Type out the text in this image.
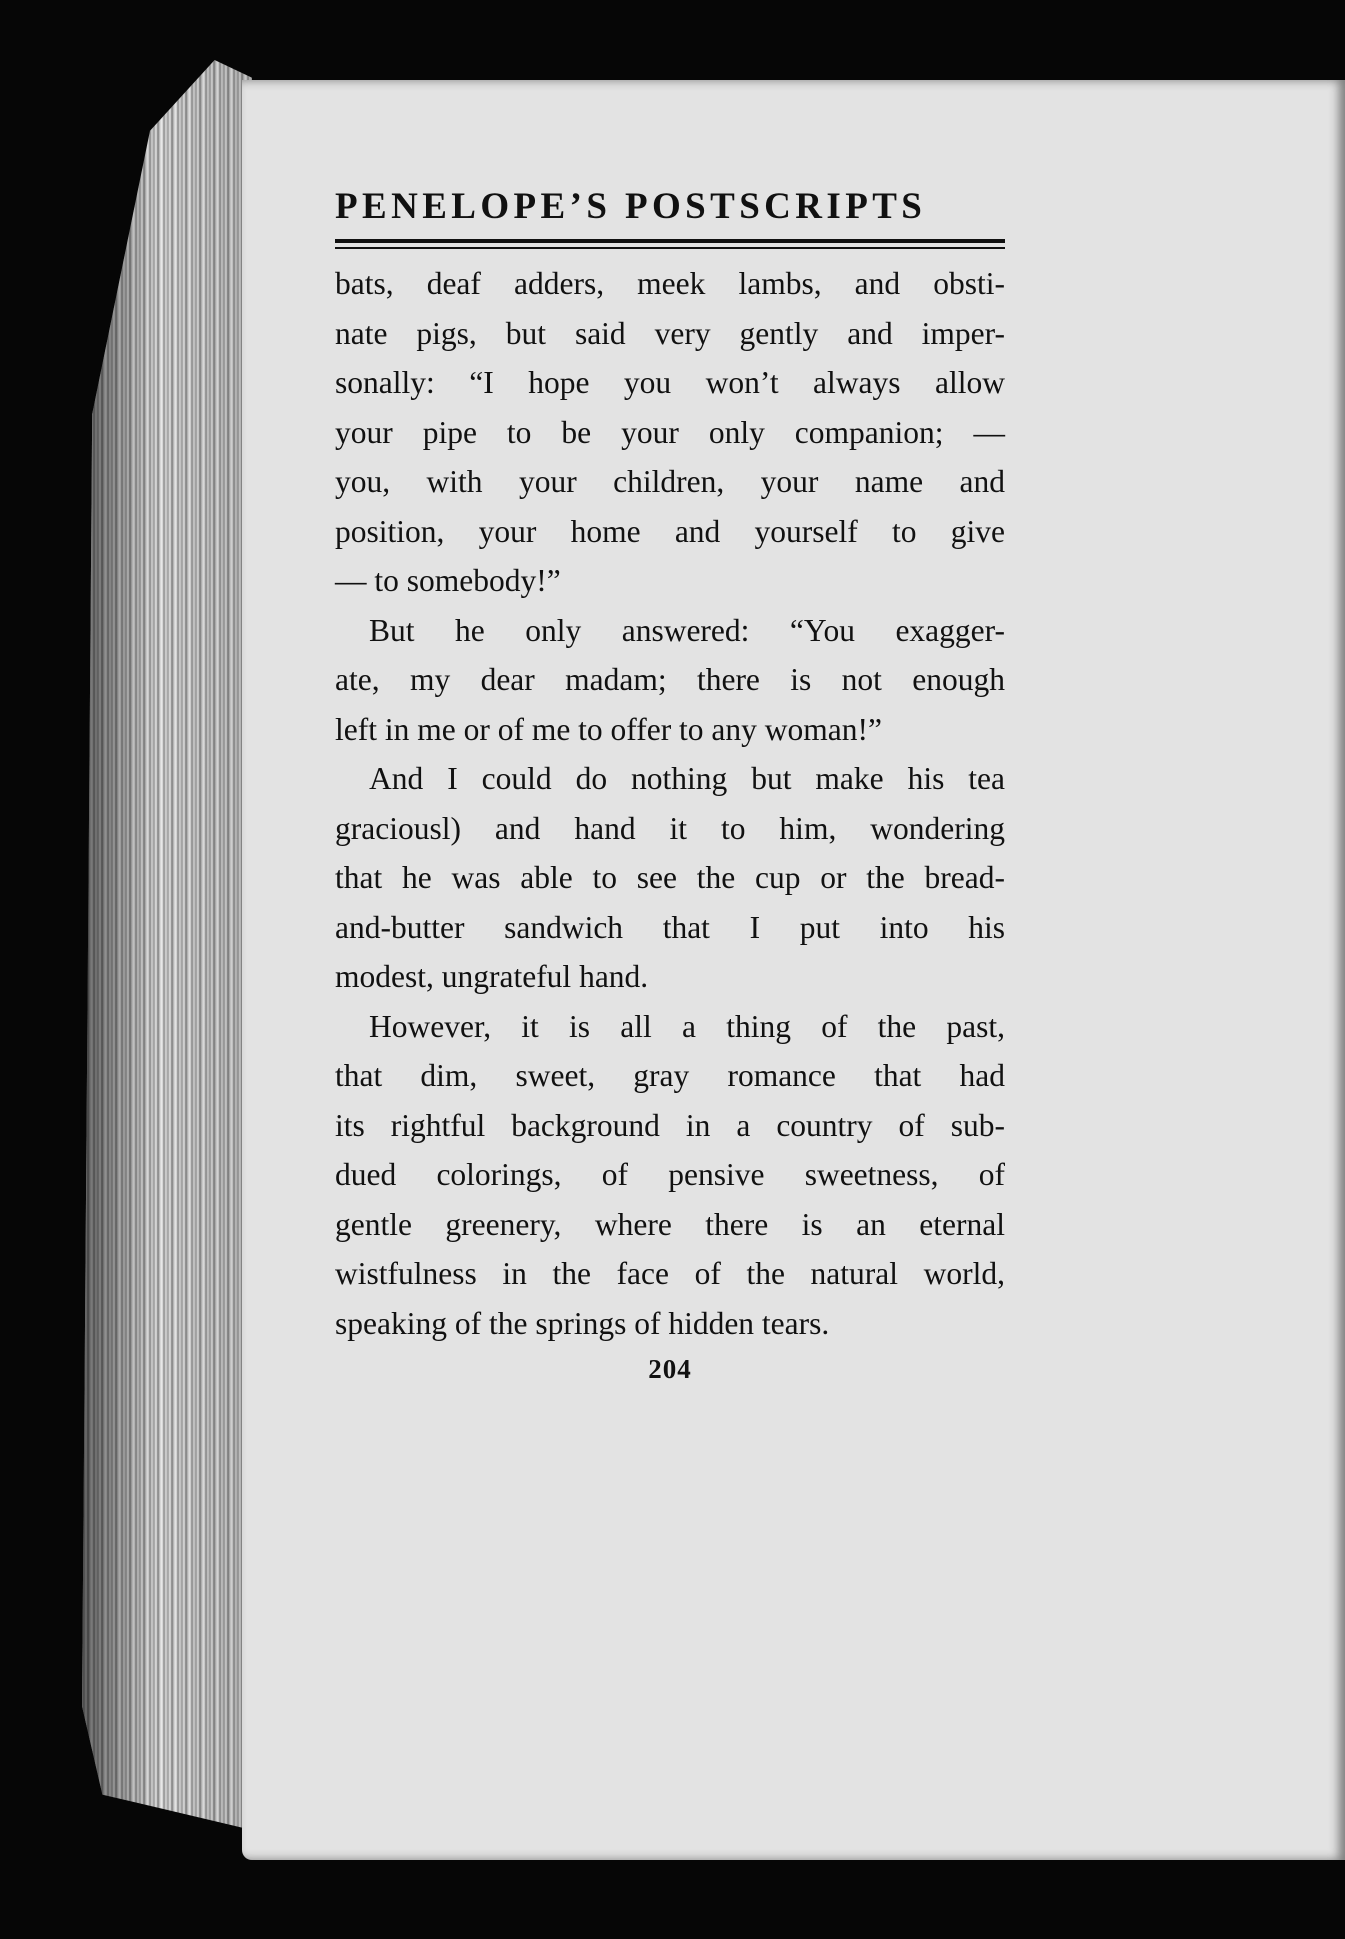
PENELOPE’S POSTSCRIPTS

bats, deaf adders, meek lambs, and obsti-
nate pigs, but said very gently and imper-
sonally: “I hope you won’t always allow
your pipe to be your only companion; —
you, with your children, your name and
position, your home and yourself to give
— to somebody!”

But he only answered: “You exagger-
ate, my dear madam; there is not enough
left in me or of me to offer to any woman!”

And I could do nothing but make his tea
graciousl) and hand it to him, wondering
that he was able to see the cup or the bread-
and-butter sandwich that I put into his
modest, ungrateful hand.

However, it is all a thing of the past,
that dim, sweet, gray romance that had
its rightful background in a country of sub-
dued colorings, of pensive sweetness, of
gentle greenery, where there is an eternal
wistfulness in the face of the natural world,
speaking of the springs of hidden tears.

204
